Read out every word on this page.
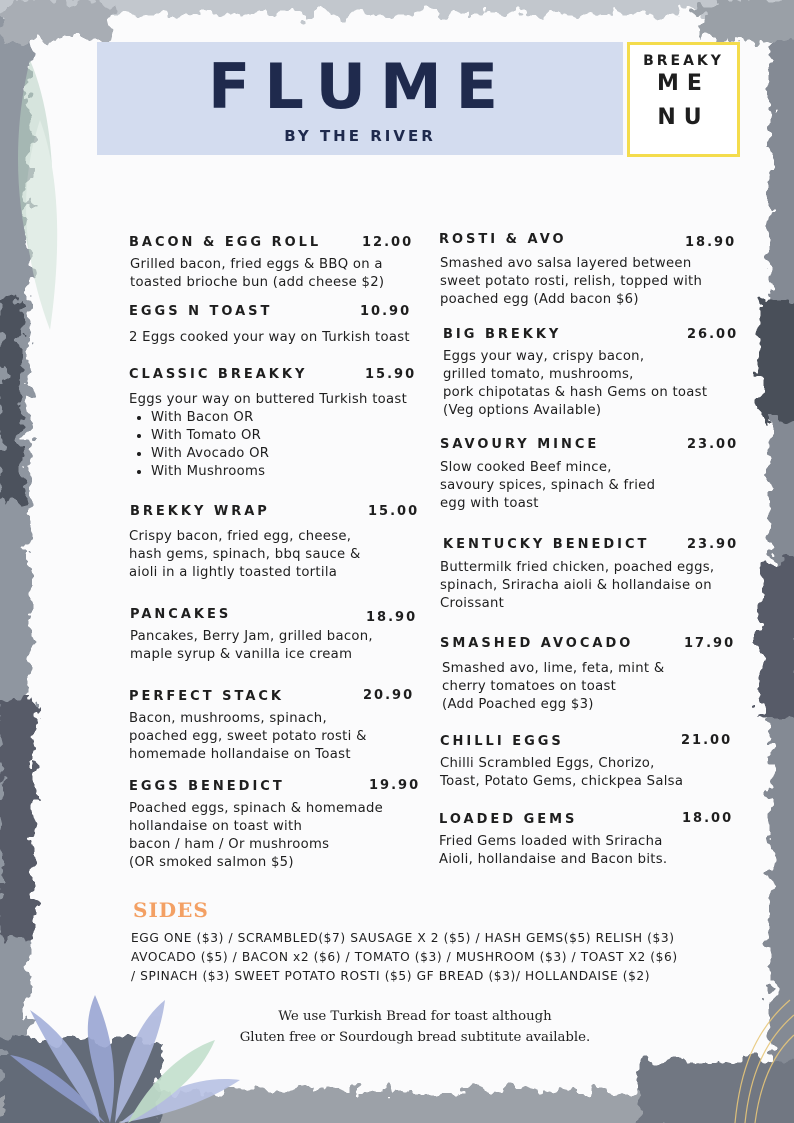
FLUME
BY THE RIVER
BREAKY
ME
NU
BACON & EGG ROLL	12.00
Grilled bacon, fried eggs & BBQ on a
toasted brioche bun (add cheese $2)
EGGS N TOAST	10.90
2 Eggs cooked your way on Turkish toast
CLASSIC BREAKKY	15.90
Eggs your way on buttered Turkish toast
• With Bacon OR
• With Tomato OR
• With Avocado OR
• With Mushrooms
BREKKY WRAP	15.00
Crispy bacon, fried egg, cheese,
hash gems, spinach, bbq sauce &
aioli in a lightly toasted tortila
PANCAKES	18.90
Pancakes, Berry Jam, grilled bacon,
maple syrup & vanilla ice cream
PERFECT STACK	20.90
Bacon, mushrooms, spinach,
poached egg, sweet potato rosti &
homemade hollandaise on Toast
EGGS BENEDICT	19.90
Poached eggs, spinach & homemade
hollandaise on toast with
bacon / ham / Or mushrooms
(OR smoked salmon $5)
ROSTI & AVO	18.90
Smashed avo salsa layered between
sweet potato rosti, relish, topped with
poached egg (Add bacon $6)
BIG BREKKY	26.00
Eggs your way, crispy bacon,
grilled tomato, mushrooms,
pork chipotatas & hash Gems on toast
(Veg options Available)
SAVOURY MINCE	23.00
Slow cooked Beef mince,
savoury spices, spinach & fried
egg with toast
KENTUCKY BENEDICT	23.90
Buttermilk fried chicken, poached eggs,
spinach, Sriracha aioli & hollandaise on
Croissant
SMASHED AVOCADO	17.90
Smashed avo, lime, feta, mint &
cherry tomatoes on toast
(Add Poached egg $3)
CHILLI EGGS	21.00
Chilli Scrambled Eggs, Chorizo,
Toast, Potato Gems, chickpea Salsa
LOADED GEMS	18.00
Fried Gems loaded with Sriracha
Aioli, hollandaise and Bacon bits.
SIDES
EGG ONE ($3) / SCRAMBLED($7) SAUSAGE X 2 ($5) / HASH GEMS($5) RELISH ($3)
AVOCADO ($5) / BACON x2 ($6) / TOMATO ($3) / MUSHROOM ($3) / TOAST X2 ($6)
/ SPINACH ($3) SWEET POTATO ROSTI ($5) GF BREAD ($3)/ HOLLANDAISE ($2)
We use Turkish Bread for toast although
Gluten free or Sourdough bread subtitute available.
